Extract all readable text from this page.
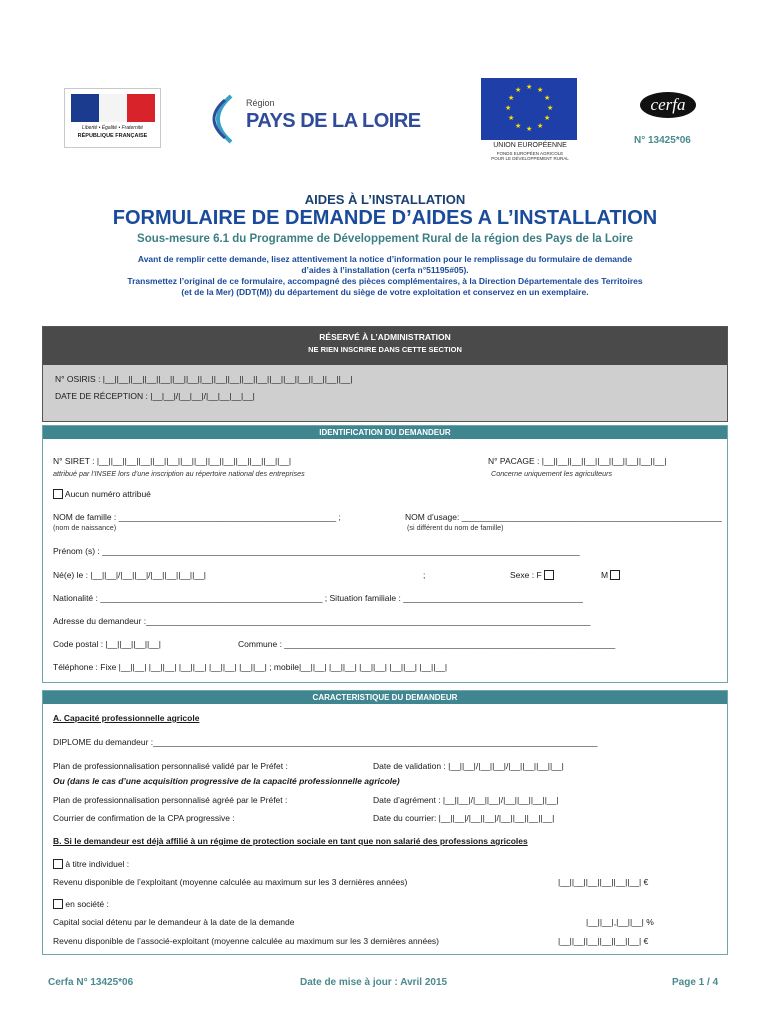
Liberté • Égalité • Fraternité
RÉPUBLIQUE FRANÇAISE
Région
PAYS DE LA LOIRE
★ ★
★
★
★
★
★
★
★
★
★
★
UNION EUROPÉENNE
FONDS EUROPÉEN AGRICOLE
POUR LE DÉVELOPPEMENT RURAL
cerfa
N° 13425*06
AIDES À L’INSTALLATION
FORMULAIRE DE DEMANDE D’AIDES A L’INSTALLATION
Sous-mesure 6.1 du Programme de Développement Rural de la région des Pays de la Loire
Avant de remplir cette demande, lisez attentivement la notice d’information pour le remplissage du formulaire de demande
d’aides à l’installation (cerfa n°51195#05).
Transmettez l’original de ce formulaire, accompagné des pièces complémentaires, à la Direction Départementale des Territoires
(et de la Mer) (DDT(M)) du département du siège de votre exploitation et conservez en un exemplaire.
RÉSERVÉ À L’ADMINISTRATION
NE RIEN INSCRIRE DANS CETTE SECTION
N° OSIRIS : |__||__||__||__||__||__||__||__||__||__||__||__||__||__||__||__||__||__|
DATE DE RÉCEPTION : |__|__|/|__|__|/|__|__|__|__|
IDENTIFICATION DU DEMANDEUR
N° SIRET : |__||__||__||__||__||__||__||__||__||__||__||__||__||__|
attribué par l’INSEE lors d’une inscription au répertoire national des entreprises
N° PACAGE : |__||__||__||__||__||__||__||__||__|
Concerne uniquement les agriculteurs
Aucun numéro attribué
NOM de famille : ______________________________________________ ;
(nom de naissance)
NOM d’usage: _______________________________________________________
(si différent du nom de famille)
Prénom (s) : _____________________________________________________________________________________________________
Né(e) le : |__||__|/|__||__|/|__||__||__||__|	;	Sexe : F	M
Nationalité : _______________________________________________ ; Situation familiale : ______________________________________
Adresse du demandeur :______________________________________________________________________________________________
Code postal : |__||__||__||__|	Commune : ______________________________________________________________________
Téléphone : Fixe |__||__| |__||__| |__||__| |__||__| |__||__| ; mobile|__||__| |__||__| |__||__| |__||__| |__||__|
CARACTERISTIQUE DU DEMANDEUR
A. Capacité professionnelle agricole
DIPLOME du demandeur :______________________________________________________________________________________________
Plan de professionnalisation personnalisé validé par le Préfet :	Date de validation : |__||__|/|__||__|/|__||__||__||__|
Ou (dans le cas d’une acquisition progressive de la capacité professionnelle agricole)
Plan de professionnalisation personnalisé agréé par le Préfet :	Date d’agrément : |__||__|/|__||__|/|__||__||__||__|
Courrier de confirmation de la CPA progressive :	Date du courrier: |__||__|/|__||__|/|__||__||__||__|
B. Si le demandeur est déjà affilié à un régime de protection sociale en tant que non salarié des professions agricoles
à titre individuel :
Revenu disponible de l’exploitant (moyenne calculée au maximum sur les 3 dernières années)	|__||__||__||__||__||__| €
en société :
Capital social détenu par le demandeur à la date de la demande	|__||__|,|__||__| %
Revenu disponible de l’associé-exploitant (moyenne calculée au maximum sur les 3 dernières années)	|__||__||__||__||__||__| €
Cerfa N° 13425*06	Date de mise à jour : Avril 2015	Page 1 / 4
